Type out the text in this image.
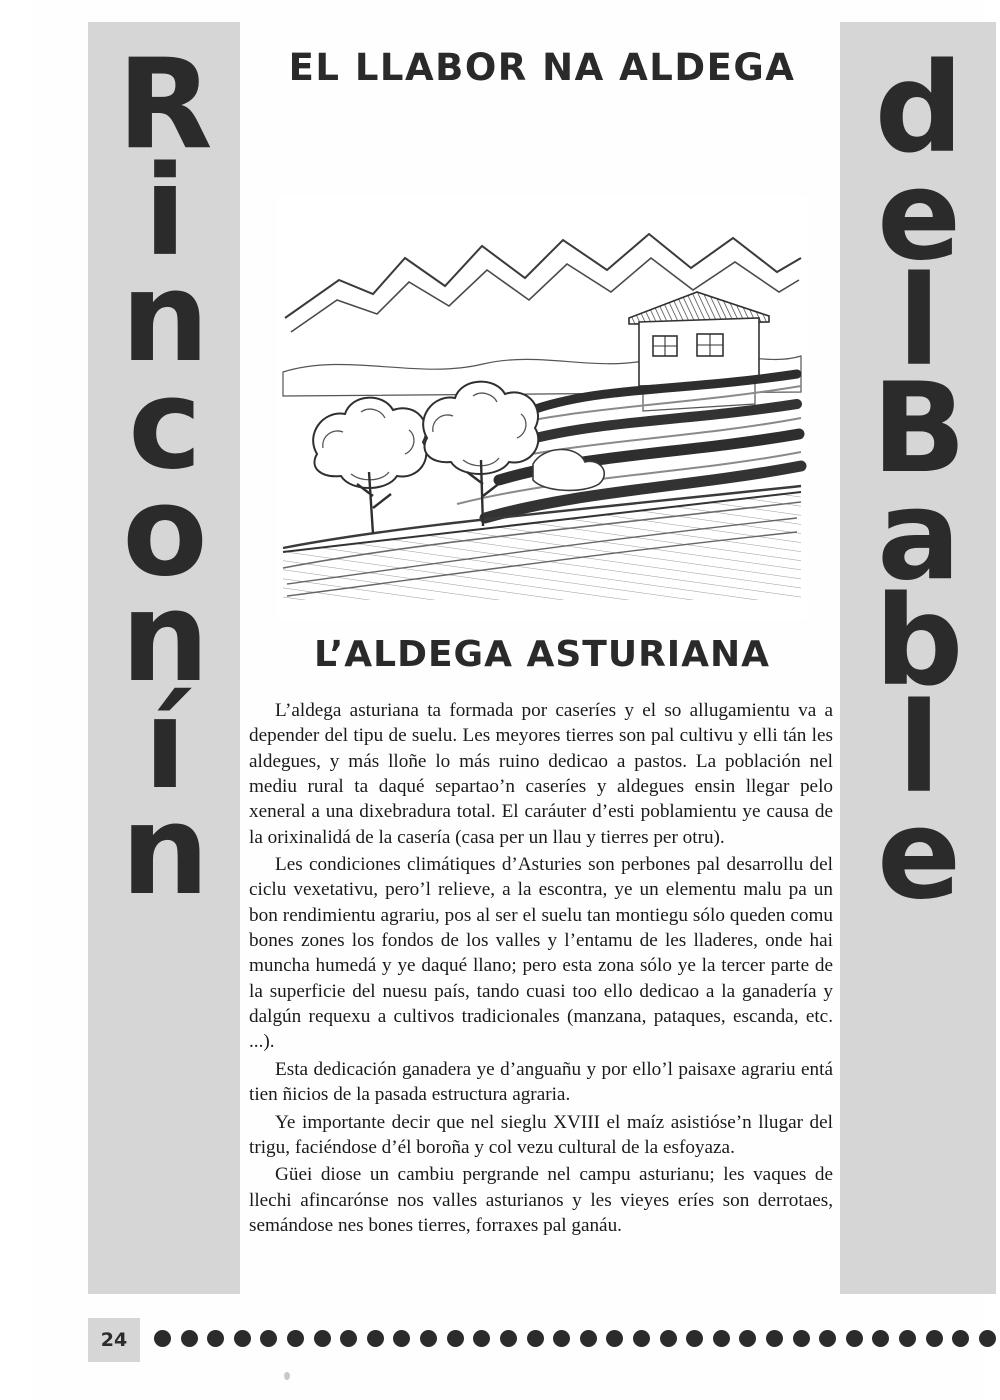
R
i
n
c
o
n
í
n
d
e
l
B
a
b
l
e
EL LLABOR NA ALDEGA
L’ALDEGA ASTURIANA

L’aldega asturiana ta formada por caseríes y el so allugamientu va a depender del tipu de suelu. Les meyores tierres son pal cultivu y elli tán les aldegues, y más lloñe lo más ruino dedicao a pastos. La población nel mediu rural ta daqué separtao’n caseríes y aldegues ensin llegar pelo xeneral a una dixebradura total. El caráuter d’esti poblamientu ye causa de la orixinalidá de la casería (casa per un llau y tierres per otru).

Les condiciones climátiques d’Asturies son perbones pal desarrollu del ciclu vexetativu, pero’l relieve, a la escontra, ye un elementu malu pa un bon rendimientu agrariu, pos al ser el suelu tan montiegu sólo queden comu bones zones los fondos de los valles y l’entamu de les lladeres, onde hai muncha humedá y ye daqué llano; pero esta zona sólo ye la tercer parte de la superficie del nuesu país, tando cuasi too ello dedicao a la ganadería y dalgún requexu a cultivos tradicionales (manzana, pataques, escanda, etc. ...).

Esta dedicación ganadera ye d’anguañu y por ello’l paisaxe agrariu entá tien ñicios de la pasada estructura agraria.

Ye importante decir que nel sieglu XVIII el maíz asistióse’n llugar del trigu, faciéndose d’él boroña y col vezu cultural de la esfoyaza.

Güei diose un cambiu pergrande nel campu asturianu; les vaques de llechi afincarónse nos valles asturianos y les vieyes eríes son derrotaes, semándose nes bones tierres, forraxes pal ganáu.

24
